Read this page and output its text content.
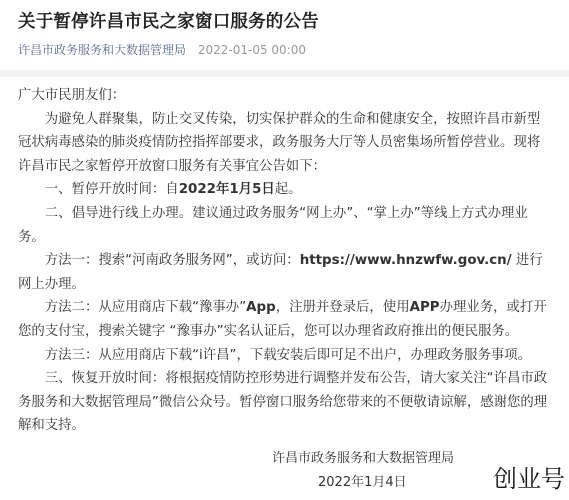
关于暂停许昌市民之家窗口服务的公告
许昌市政务服务和大数据管理局 2022-01-05 00:00

广大市民朋友们：

为避免人群聚集，防止交叉传染，切实保护群众的生命和健康安全，按照许昌市新型冠状病毒感染的肺炎疫情防控指挥部要求，政务服务大厅等人员密集场所暂停营业。现将许昌市民之家暂停开放窗口服务有关事宜公告如下：

一、暂停开放时间：自2022年1月5日起。

二、倡导进行线上办理。建议通过政务服务“网上办”、“掌上办”等线上方式办理业务。

方法一：搜索“河南政务服务网”，或访问：https://www.hnzwfw.gov.cn/ 进行网上办理。

方法二：从应用商店下载“豫事办”App，注册并登录后，使用APP办理业务，或打开您的支付宝，搜索关键字 “豫事办”实名认证后，您可以办理省政府推出的便民服务。

方法三：从应用商店下载“i许昌”，下载安装后即可足不出户，办理政务服务事项。

三、恢复开放时间：将根据疫情防控形势进行调整并发布公告，请大家关注“许昌市政务服务和大数据管理局”微信公众号。暂停窗口服务给您带来的不便敬请谅解，感谢您的理解和支持。

许昌市政务服务和大数据管理局
2022年1月4日	创业号
